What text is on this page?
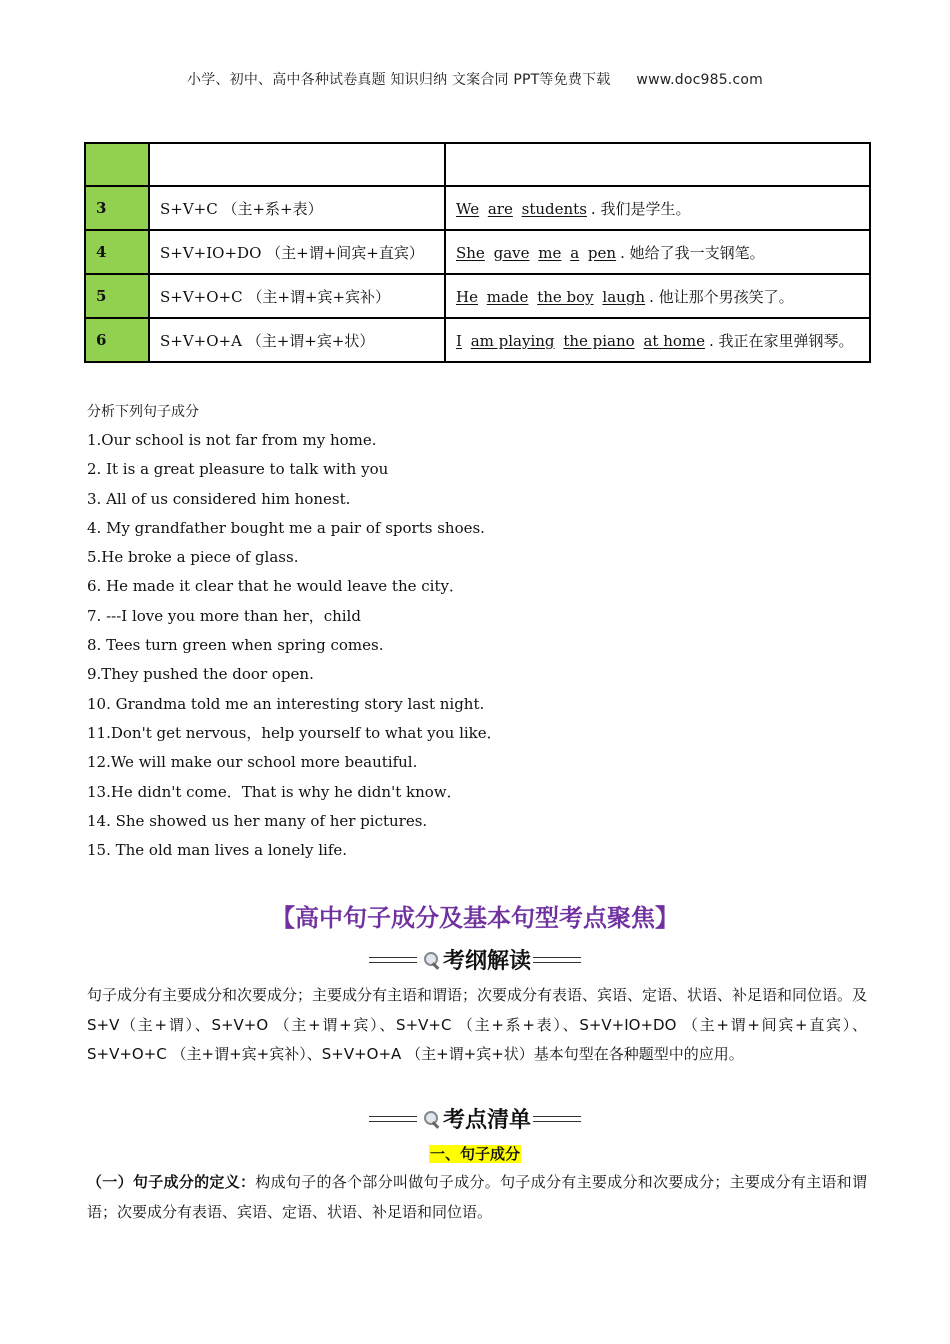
小学、初中、高中各种试卷真题 知识归纳 文案合同 PPT等免费下载 www.doc985.com

3	S+V+C （主+系+表）	We are students . 我们是学生。
4	S+V+IO+DO （主+谓+间宾+直宾）	She gave me a pen . 她给了我一支钢笔。
5	S+V+O+C （主+谓+宾+宾补）	He made the boy laugh . 他让那个男孩笑了。
6	S+V+O+A （主+谓+宾+状）	I am playing the piano at home . 我正在家里弹钢琴。
分析下列句子成分
1.Our school is not far from my home.
2. It is a great pleasure to talk with you
3. All of us considered him honest.
4. My grandfather bought me a pair of sports shoes.
5.He broke a piece of glass.
6. He made it clear that he would leave the city．
7. ---I love you more than her，child
8. Tees turn green when spring comes.
9.They pushed the door open.
10. Grandma told me an interesting story last night.
11.Don't get nervous，help yourself to what you like．
12.We will make our school more beautiful.
13.He didn't come．That is why he didn't know．
14. She showed us her many of her pictures.
15. The old man lives a lonely life.
【高中句子成分及基本句型考点聚焦】
考纲解读
句子成分有主要成分和次要成分；主要成分有主语和谓语；次要成分有表语、宾语、定语、状语、补足语和同位语。及S+V（主+谓）、S+V+O （主+谓+宾）、S+V+C （主+系+表）、S+V+IO+DO （主+谓+间宾+直宾）、S+V+O+C （主+谓+宾+宾补）、S+V+O+A （主+谓+宾+状）基本句型在各种题型中的应用。
考点清单
一、句子成分
（一）句子成分的定义：构成句子的各个部分叫做句子成分。句子成分有主要成分和次要成分；主要成分有主语和谓语；次要成分有表语、宾语、定语、状语、补足语和同位语。
